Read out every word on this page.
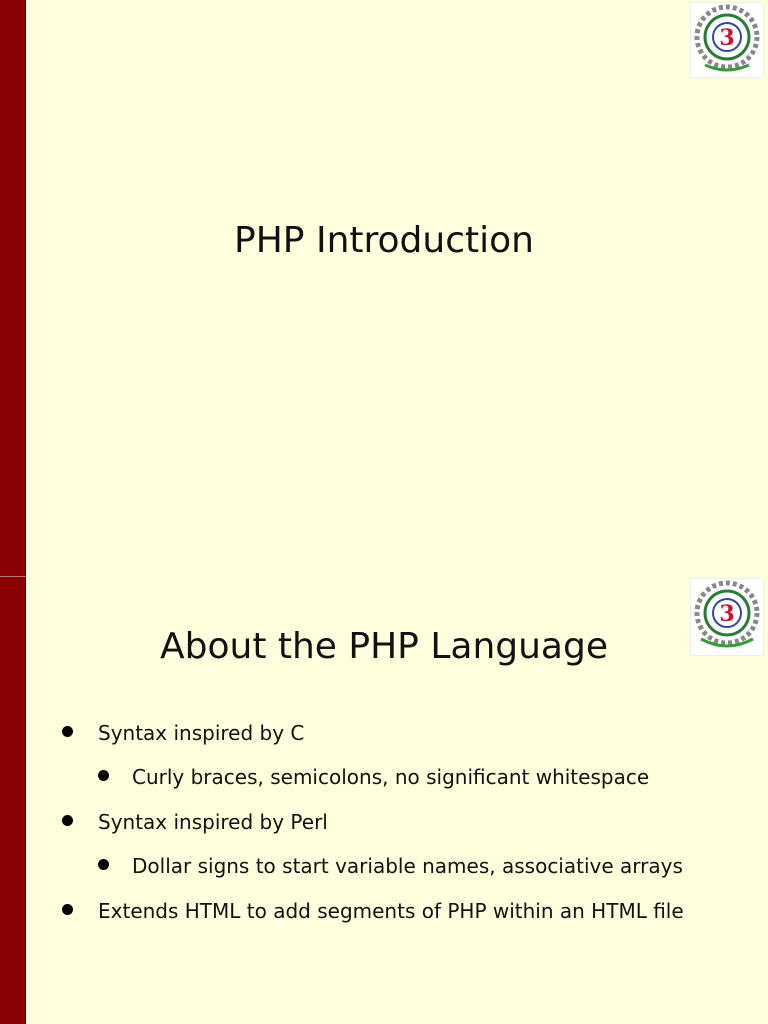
3
PHP Introduction
3
About the PHP Language
Syntax inspired by C
Curly braces, semicolons, no significant whitespace
Syntax inspired by Perl
Dollar signs to start variable names, associative arrays
Extends HTML to add segments of PHP within an HTML file
